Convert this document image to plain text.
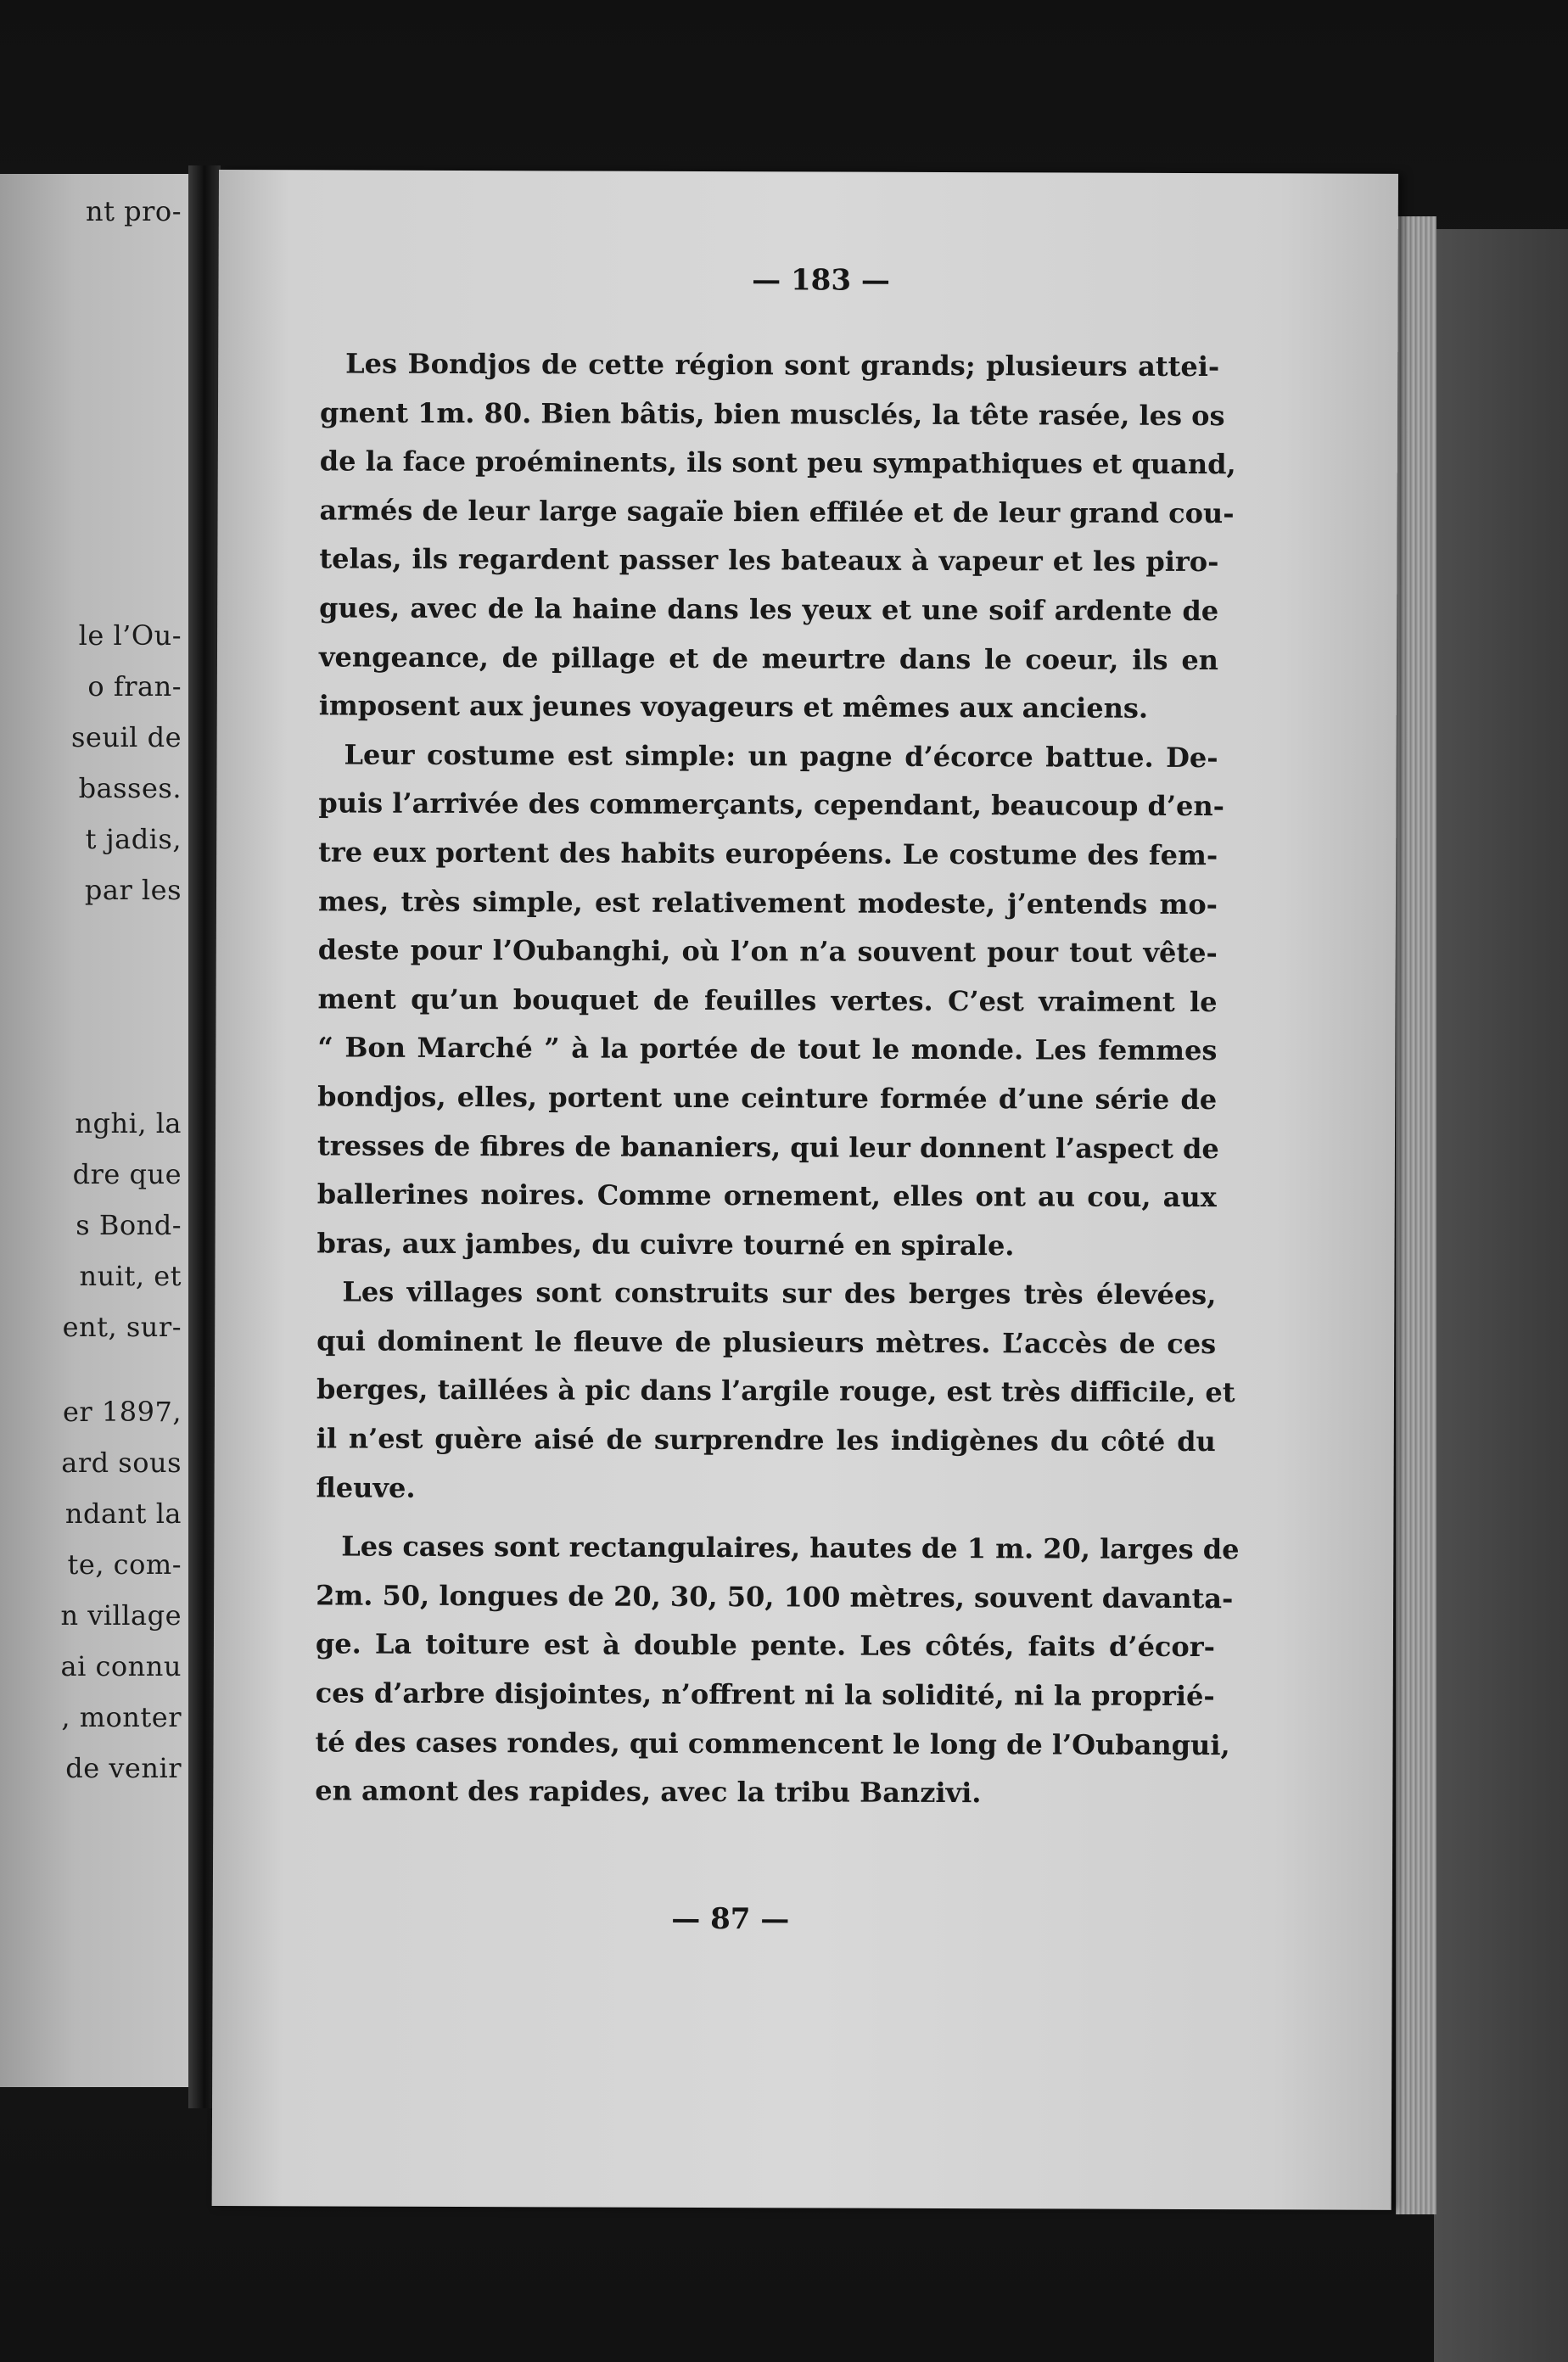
nt pro-
le l’Ou-
o fran-
seuil de
basses.
t jadis,
par les
nghi, la
dre que
s Bond-
nuit, et
ent, sur-
er 1897,
ard sous
ndant la
te, com-
n village
ai connu
, monter
de venir
— 183 —
Les Bondjos de cette région sont grands; plusieurs attei-
gnent 1m. 80. Bien bâtis, bien musclés, la tête rasée, les os
de la face proéminents, ils sont peu sympathiques et quand,
armés de leur large sagaïe bien effilée et de leur grand cou-
telas, ils regardent passer les bateaux à vapeur et les piro-
gues, avec de la haine dans les yeux et une soif ardente de
vengeance, de pillage et de meurtre dans le coeur, ils en
imposent aux jeunes voyageurs et mêmes aux anciens.
Leur costume est simple: un pagne d’écorce battue. De-
puis l’arrivée des commerçants, cependant, beaucoup d’en-
tre eux portent des habits européens. Le costume des fem-
mes, très simple, est relativement modeste, j’entends mo-
deste pour l’Oubanghi, où l’on n’a souvent pour tout vête-
ment qu’un bouquet de feuilles vertes. C’est vraiment le
“ Bon Marché ” à la portée de tout le monde. Les femmes
bondjos, elles, portent une ceinture formée d’une série de
tresses de fibres de bananiers, qui leur donnent l’aspect de
ballerines noires. Comme ornement, elles ont au cou, aux
bras, aux jambes, du cuivre tourné en spirale.
Les villages sont construits sur des berges très élevées,
qui dominent le fleuve de plusieurs mètres. L’accès de ces
berges, taillées à pic dans l’argile rouge, est très difficile, et
il n’est guère aisé de surprendre les indigènes du côté du
fleuve.
Les cases sont rectangulaires, hautes de 1 m. 20, larges de
2m. 50, longues de 20, 30, 50, 100 mètres, souvent davanta-
ge. La toiture est à double pente. Les côtés, faits d’écor-
ces d’arbre disjointes, n’offrent ni la solidité, ni la proprié-
té des cases rondes, qui commencent le long de l’Oubangui,
en amont des rapides, avec la tribu Banzivi.
— 87 —
